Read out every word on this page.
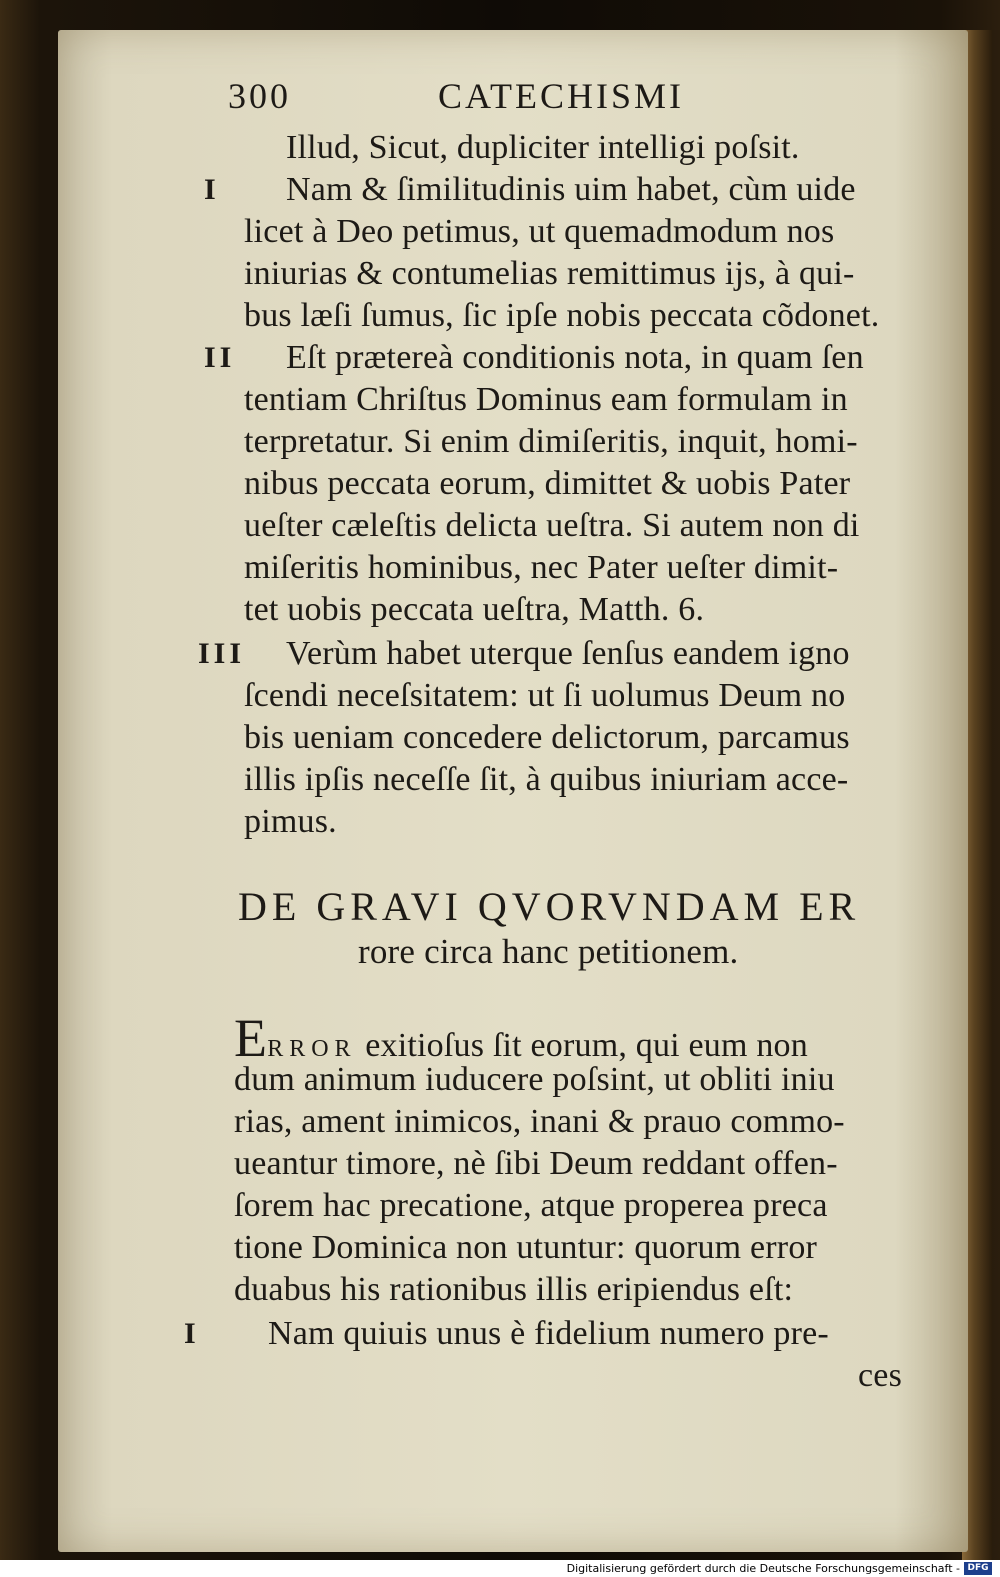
300	CATECHISMI
Illud, Sicut, dupliciter intelligi poſsit.
I Nam & ſimilitudinis uim habet, cùm uide
licet à Deo petimus, ut quemadmodum nos
iniurias & contumelias remittimus ijs, à qui-
bus læſi ſumus, ſic ipſe nobis peccata cõdonet.
II Eſt prætereà conditionis nota, in quam ſen
tentiam Chriſtus Dominus eam formulam in
terpretatur. Si enim dimiſeritis, inquit, homi-
nibus peccata eorum, dimittet & uobis Pater
ueſter cæleſtis delicta ueſtra. Si autem non di
miſeritis hominibus, nec Pater ueſter dimit-
tet uobis peccata ueſtra, Matth. 6.
III Verùm habet uterque ſenſus eandem igno
ſcendi neceſsitatem: ut ſi uolumus Deum no
bis ueniam concedere delictorum, parcamus
illis ipſis neceſſe ſit, à quibus iniuriam acce-
pimus.
DE GRAVI QVORVNDAM ER
rore circa hanc petitionem.
ERROR exitioſus ſit eorum, qui eum non
dum animum iuducere poſsint, ut obliti iniu
rias, ament inimicos, inani & prauo commo-
ueantur timore, nè ſibi Deum reddant offen-
ſorem hac precatione, atque properea preca
tione Dominica non utuntur: quorum error
duabus his rationibus illis eripiendus eſt:
I Nam quiuis unus è fidelium numero pre-
ces
Digitalisierung gefördert durch die Deutsche Forschungsgemeinschaft - DFG
